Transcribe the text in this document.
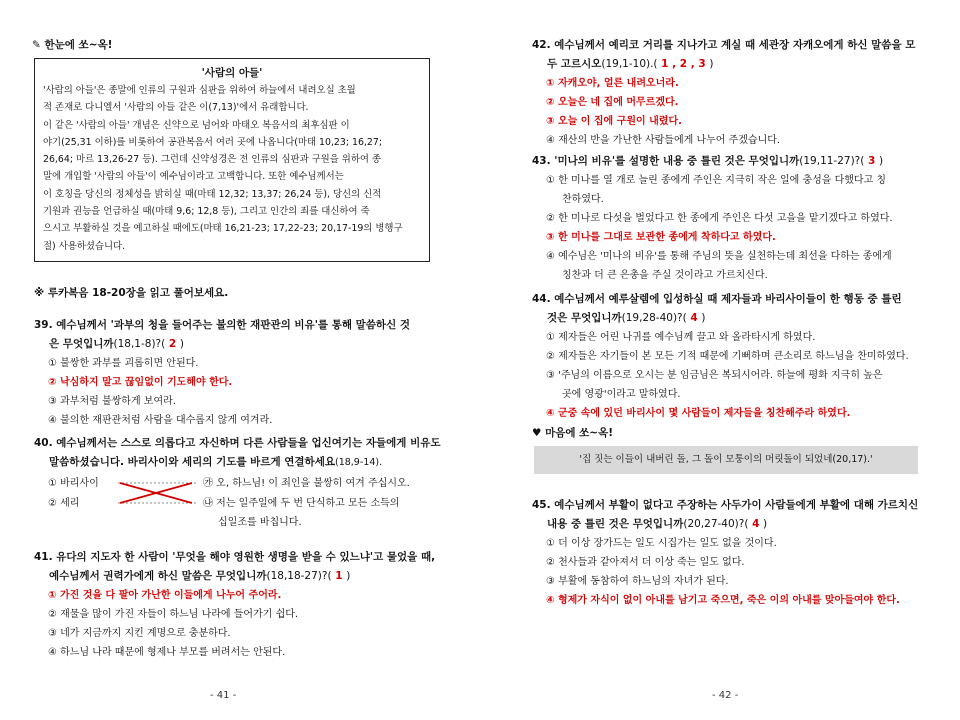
✎ 한눈에 쏘~옥!
'사람의 아들'
'사람의 아들'은 종말에 인류의 구원과 심판을 위하여 하늘에서 내려오실 초월
적 존재로 다니엘서 '사람의 아들 같은 이(7,13)'에서 유래합니다.
이 같은 '사람의 아들' 개념은 신약으로 넘어와 마태오 복음서의 최후심판 이
야기(25,31 이하)를 비롯하여 공관복음서 여러 곳에 나옵니다(마태 10,23; 16,27;
26,64; 마르 13,26-27 등). 그런데 신약성경은 전 인류의 심판과 구원을 위하여 종
말에 개입할 '사람의 아들'이 예수님이라고 고백합니다. 또한 예수님께서는
이 호칭을 당신의 정체성을 밝히실 때(마태 12,32; 13,37; 26,24 등), 당신의 신적
기원과 권능을 언급하실 때(마태 9,6; 12,8 등), 그리고 인간의 죄를 대신하여 죽
으시고 부활하실 것을 예고하실 때에도(마태 16,21-23; 17,22-23; 20,17-19의 병행구
절) 사용하셨습니다.
※ 루카복음 18-20장을 읽고 풀어보세요.
39. 예수님께서 '과부의 청을 들어주는 불의한 재판관의 비유'를 통해 말씀하신 것
은 무엇입니까(18,1-8)?( 2 )
① 불쌍한 과부를 괴롭히면 안된다.
② 낙심하지 말고 끊임없이 기도해야 한다.
③ 과부처럼 불쌍하게 보여라.
④ 불의한 재판관처럼 사람을 대수롭지 않게 여겨라.
40. 예수님께서는 스스로 의롭다고 자신하며 다른 사람들을 업신여기는 자들에게 비유도
말씀하셨습니다. 바리사이와 세리의 기도를 바르게 연결하세요(18,9-14).
① 바리사이
② 세리
㉮ 오, 하느님! 이 죄인을 불쌍히 여겨 주십시오.
㉯ 저는 일주일에 두 번 단식하고 모든 소득의
십일조를 바칩니다.
41. 유다의 지도자 한 사람이 '무엇을 해야 영원한 생명을 받을 수 있느냐'고 물었을 때,
예수님께서 권력가에게 하신 말씀은 무엇입니까(18,18-27)?( 1 )
① 가진 것을 다 팔아 가난한 이들에게 나누어 주어라.
② 재물을 많이 가진 자들이 하느님 나라에 들어가기 쉽다.
③ 네가 지금까지 지킨 계명으로 충분하다.
④ 하느님 나라 때문에 형제나 부모를 버려서는 안된다.
- 41 -
42. 예수님께서 예리코 거리를 지나가고 계실 때 세관장 자캐오에게 하신 말씀을 모
두 고르시오(19,1-10).( 1 , 2 , 3 )
① 자캐오야, 얼른 내려오너라.
② 오늘은 네 집에 머무르겠다.
③ 오늘 이 집에 구원이 내렸다.
④ 재산의 반을 가난한 사람들에게 나누어 주겠습니다.
43. '미나의 비유'를 설명한 내용 중 틀린 것은 무엇입니까(19,11-27)?( 3 )
① 한 미나를 열 개로 늘린 종에게 주인은 지극히 작은 일에 충성을 다했다고 칭
찬하였다.
② 한 미나로 다섯을 벌었다고 한 종에게 주인은 다섯 고을을 맡기겠다고 하였다.
③ 한 미나를 그대로 보관한 종에게 착하다고 하였다.
④ 예수님은 '미나의 비유'를 통해 주님의 뜻을 실천하는데 최선을 다하는 종에게
칭찬과 더 큰 은총을 주실 것이라고 가르치신다.
44. 예수님께서 예루살렘에 입성하실 때 제자들과 바리사이들이 한 행동 중 틀린
것은 무엇입니까(19,28-40)?( 4 )
① 제자들은 어린 나귀를 예수님께 끌고 와 올라타시게 하였다.
② 제자들은 자기들이 본 모든 기적 때문에 기뻐하며 큰소리로 하느님을 찬미하였다.
③ '주님의 이름으로 오시는 분 임금님은 복되시어라. 하늘에 평화 지극히 높은
곳에 영광'이라고 말하였다.
④ 군중 속에 있던 바리사이 몇 사람들이 제자들을 칭찬해주라 하였다.
♥ 마음에 쏘~옥!
'집 짓는 이들이 내버린 돌, 그 돌이 모퉁이의 머릿돌이 되었네(20,17).'
45. 예수님께서 부활이 없다고 주장하는 사두가이 사람들에게 부활에 대해 가르치신
내용 중 틀린 것은 무엇입니까(20,27-40)?( 4 )
① 더 이상 장가드는 일도 시집가는 일도 없을 것이다.
② 천사들과 같아져서 더 이상 죽는 일도 없다.
③ 부활에 동참하여 하느님의 자녀가 된다.
④ 형제가 자식이 없이 아내를 남기고 죽으면, 죽은 이의 아내를 맞아들여야 한다.
- 42 -
